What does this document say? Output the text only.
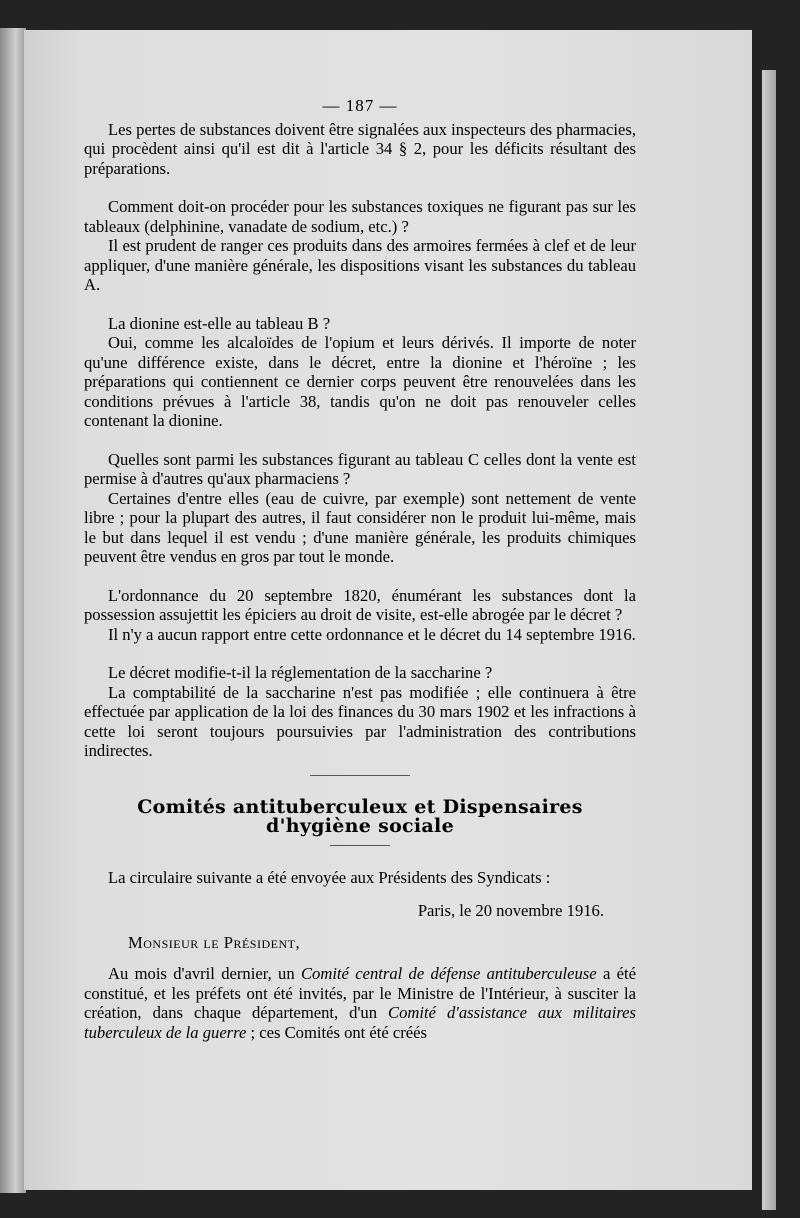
— 187 —

Les pertes de substances doivent être signalées aux inspecteurs des pharmacies, qui procèdent ainsi qu'il est dit à l'article 34 § 2, pour les déficits résultant des préparations.

Comment doit-on procéder pour les substances toxiques ne figurant pas sur les tableaux (delphinine, vanadate de sodium, etc.) ?

Il est prudent de ranger ces produits dans des armoires fermées à clef et de leur appliquer, d'une manière générale, les dispositions visant les substances du tableau A.

La dionine est-elle au tableau B ?

Oui, comme les alcaloïdes de l'opium et leurs dérivés. Il importe de noter qu'une différence existe, dans le décret, entre la dionine et l'héroïne ; les préparations qui contiennent ce dernier corps peuvent être renouvelées dans les conditions prévues à l'article 38, tandis qu'on ne doit pas renouveler celles contenant la dionine.

Quelles sont parmi les substances figurant au tableau C celles dont la vente est permise à d'autres qu'aux pharmaciens ?

Certaines d'entre elles (eau de cuivre, par exemple) sont nettement de vente libre ; pour la plupart des autres, il faut considérer non le produit lui-même, mais le but dans lequel il est vendu ; d'une manière générale, les produits chimiques peuvent être vendus en gros par tout le monde.

L'ordonnance du 20 septembre 1820, énumérant les substances dont la possession assujettit les épiciers au droit de visite, est-elle abrogée par le décret ?

Il n'y a aucun rapport entre cette ordonnance et le décret du 14 septembre 1916.

Le décret modifie-t-il la réglementation de la saccharine ?

La comptabilité de la saccharine n'est pas modifiée ; elle continuera à être effectuée par application de la loi des finances du 30 mars 1902 et les infractions à cette loi seront toujours poursuivies par l'administration des contributions indirectes.

Comités antituberculeux et Dispensaires d'hygiène sociale

La circulaire suivante a été envoyée aux Présidents des Syndicats :

Paris, le 20 novembre 1916.

Monsieur le Président,

Au mois d'avril dernier, un Comité central de défense antituberculeuse a été constitué, et les préfets ont été invités, par le Ministre de l'Intérieur, à susciter la création, dans chaque département, d'un Comité d'assistance aux militaires tuberculeux de la guerre ; ces Comités ont été créés
